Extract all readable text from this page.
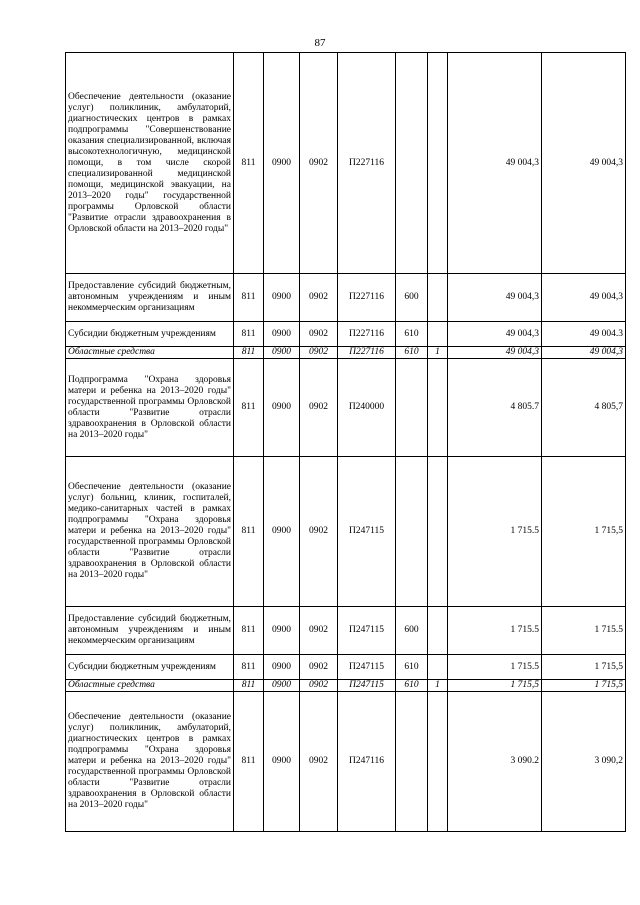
87
Обеспечение деятельности (оказание услуг) поликлиник, амбулаторий, диагностических центров в рамках подпрограммы "Совершенствование оказания специализированной, включая высокотехнологичную, медицинской помощи, в том числе скорой специализированной медицинской помощи, медицинской эвакуации, на 2013–2020 годы" государственной программы Орловской области "Развитие отрасли здравоохранения в Орловской области на 2013–2020 годы"	811	0900	0902	П227116			49 004,3	49 004,3
Предоставление субсидий бюджетным, автономным учреждениям и иным некоммерческим организациям	811	0900	0902	П227116	600		49 004,3	49 004,3
Субсидии бюджетным учреждениям	811	0900	0902	П227116	610		49 004,3	49 004.3
Областные средства	811	0900	0902	П227116	610	1	49 004,3	49 004,3
Подпрограмма "Охрана здоровья матери и ребенка на 2013–2020 годы" государственной программы Орловской области "Развитие отрасли здравоохранения в Орловской области на 2013–2020 годы"	811	0900	0902	П240000			4 805.7	4 805,7
Обеспечение деятельности (оказание услуг) больниц, клиник, госпиталей, медико-санитарных частей в рамках подпрограммы "Охрана здоровья матери и ребенка на 2013–2020 годы" государственной программы Орловской области "Развитие отрасли здравоохранения в Орловской области на 2013–2020 годы"	811	0900	0902	П247115			1 715.5	1 715,5
Предоставление субсидий бюджетным, автономным учреждениям и иным некоммерческим организациям	811	0900	0902	П247115	600		1 715.5	1 715.5
Субсидии бюджетным учреждениям	811	0900	0902	П247115	610		1 715.5	1 715,5
Областные средства	811	0900	0902	П247115	610	1	1 715,5	1 715,5
Обеспечение деятельности (оказание услуг) поликлиник, амбулаторий, диагностических центров в рамках подпрограммы "Охрана здоровья матери и ребенка на 2013–2020 годы" государственной программы Орловской области "Развитие отрасли здравоохранения в Орловской области на 2013–2020 годы"	811	0900	0902	П247116			3 090.2	3 090,2
